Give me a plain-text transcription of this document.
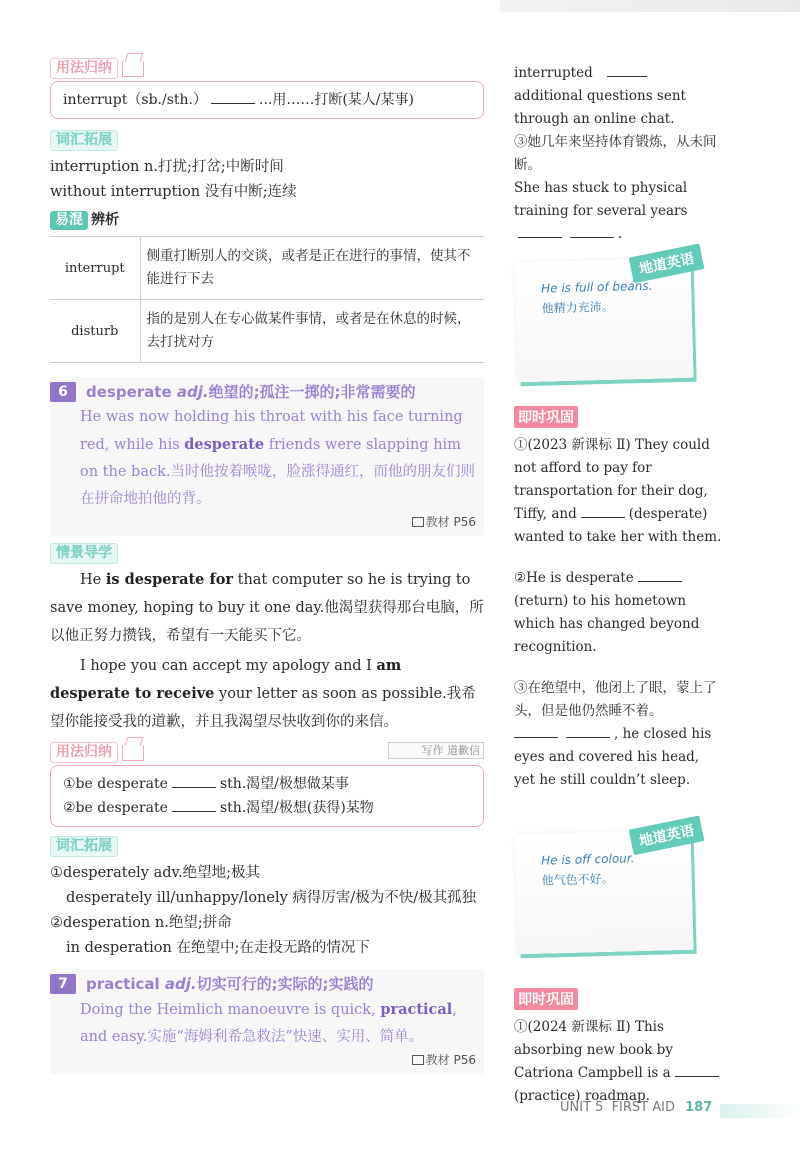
用法归纳
interrupt（sb./sth.）	...用……打断(某人/某事)
词汇拓展
interruption n.打扰;打岔;中断时间
without interruption 没有中断;连续
易混 辨析
interrupt	侧重打断别人的交谈，或者是正在进行的事情，使其不能进行下去
disturb	指的是别人在专心做某件事情，或者是在休息的时候，去打扰对方
6	desperate adj.绝望的;孤注一掷的;非常需要的
He was now holding his throat with his face turning red, while his desperate friends were slapping him on the back.当时他按着喉咙，脸涨得通红，而他的朋友们则在拼命地拍他的背。
教材 P56
情景导学

He is desperate for that computer so he is trying to save money, hoping to buy it one day.他渴望获得那台电脑，所以他正努力攒钱，希望有一天能买下它。

I hope you can accept my apology and I am desperate to receive your letter as soon as possible.我希望你能接受我的道歉，并且我渴望尽快收到你的来信。
写作 道歉信

用法归纳
①be desperate	sth.渴望/极想做某事
②be desperate	sth.渴望/极想(获得)某物
词汇拓展
①desperately adv.绝望地;极其
desperately ill/unhappy/lonely 病得厉害/极为不快/极其孤独
②desperation n.绝望;拼命
in desperation 在绝望中;在走投无路的情况下
7	practical adj.切实可行的;实际的;实践的
Doing the Heimlich manoeuvre is quick, practical, and easy.实施“海姆利希急救法”快速、实用、简单。
教材 P56
interruptedadditional questions sent through an online chat.
③她几年来坚持体育锻炼，从未间断。
She has stuck to physical training for several years.
地道英语
He is full of beans.
他精力充沛。
即时巩固
①(2023 新课标 Ⅱ) They could not afford to pay for transportation for their dog, Tiffy, and	(desperate) wanted to take her with them.
②He is desperate(return) to his hometown which has changed beyond recognition.
③在绝望中，他闭上了眼，蒙上了头，但是他仍然睡不着。
, he closed his eyes and covered his head, yet he still couldn’t sleep.
地道英语
He is off colour.
他气色不好。
即时巩固
①(2024 新课标 Ⅱ) This absorbing new book by Catriona Campbell is a(practice) roadmap.
UNIT 5 FIRST AID 187
